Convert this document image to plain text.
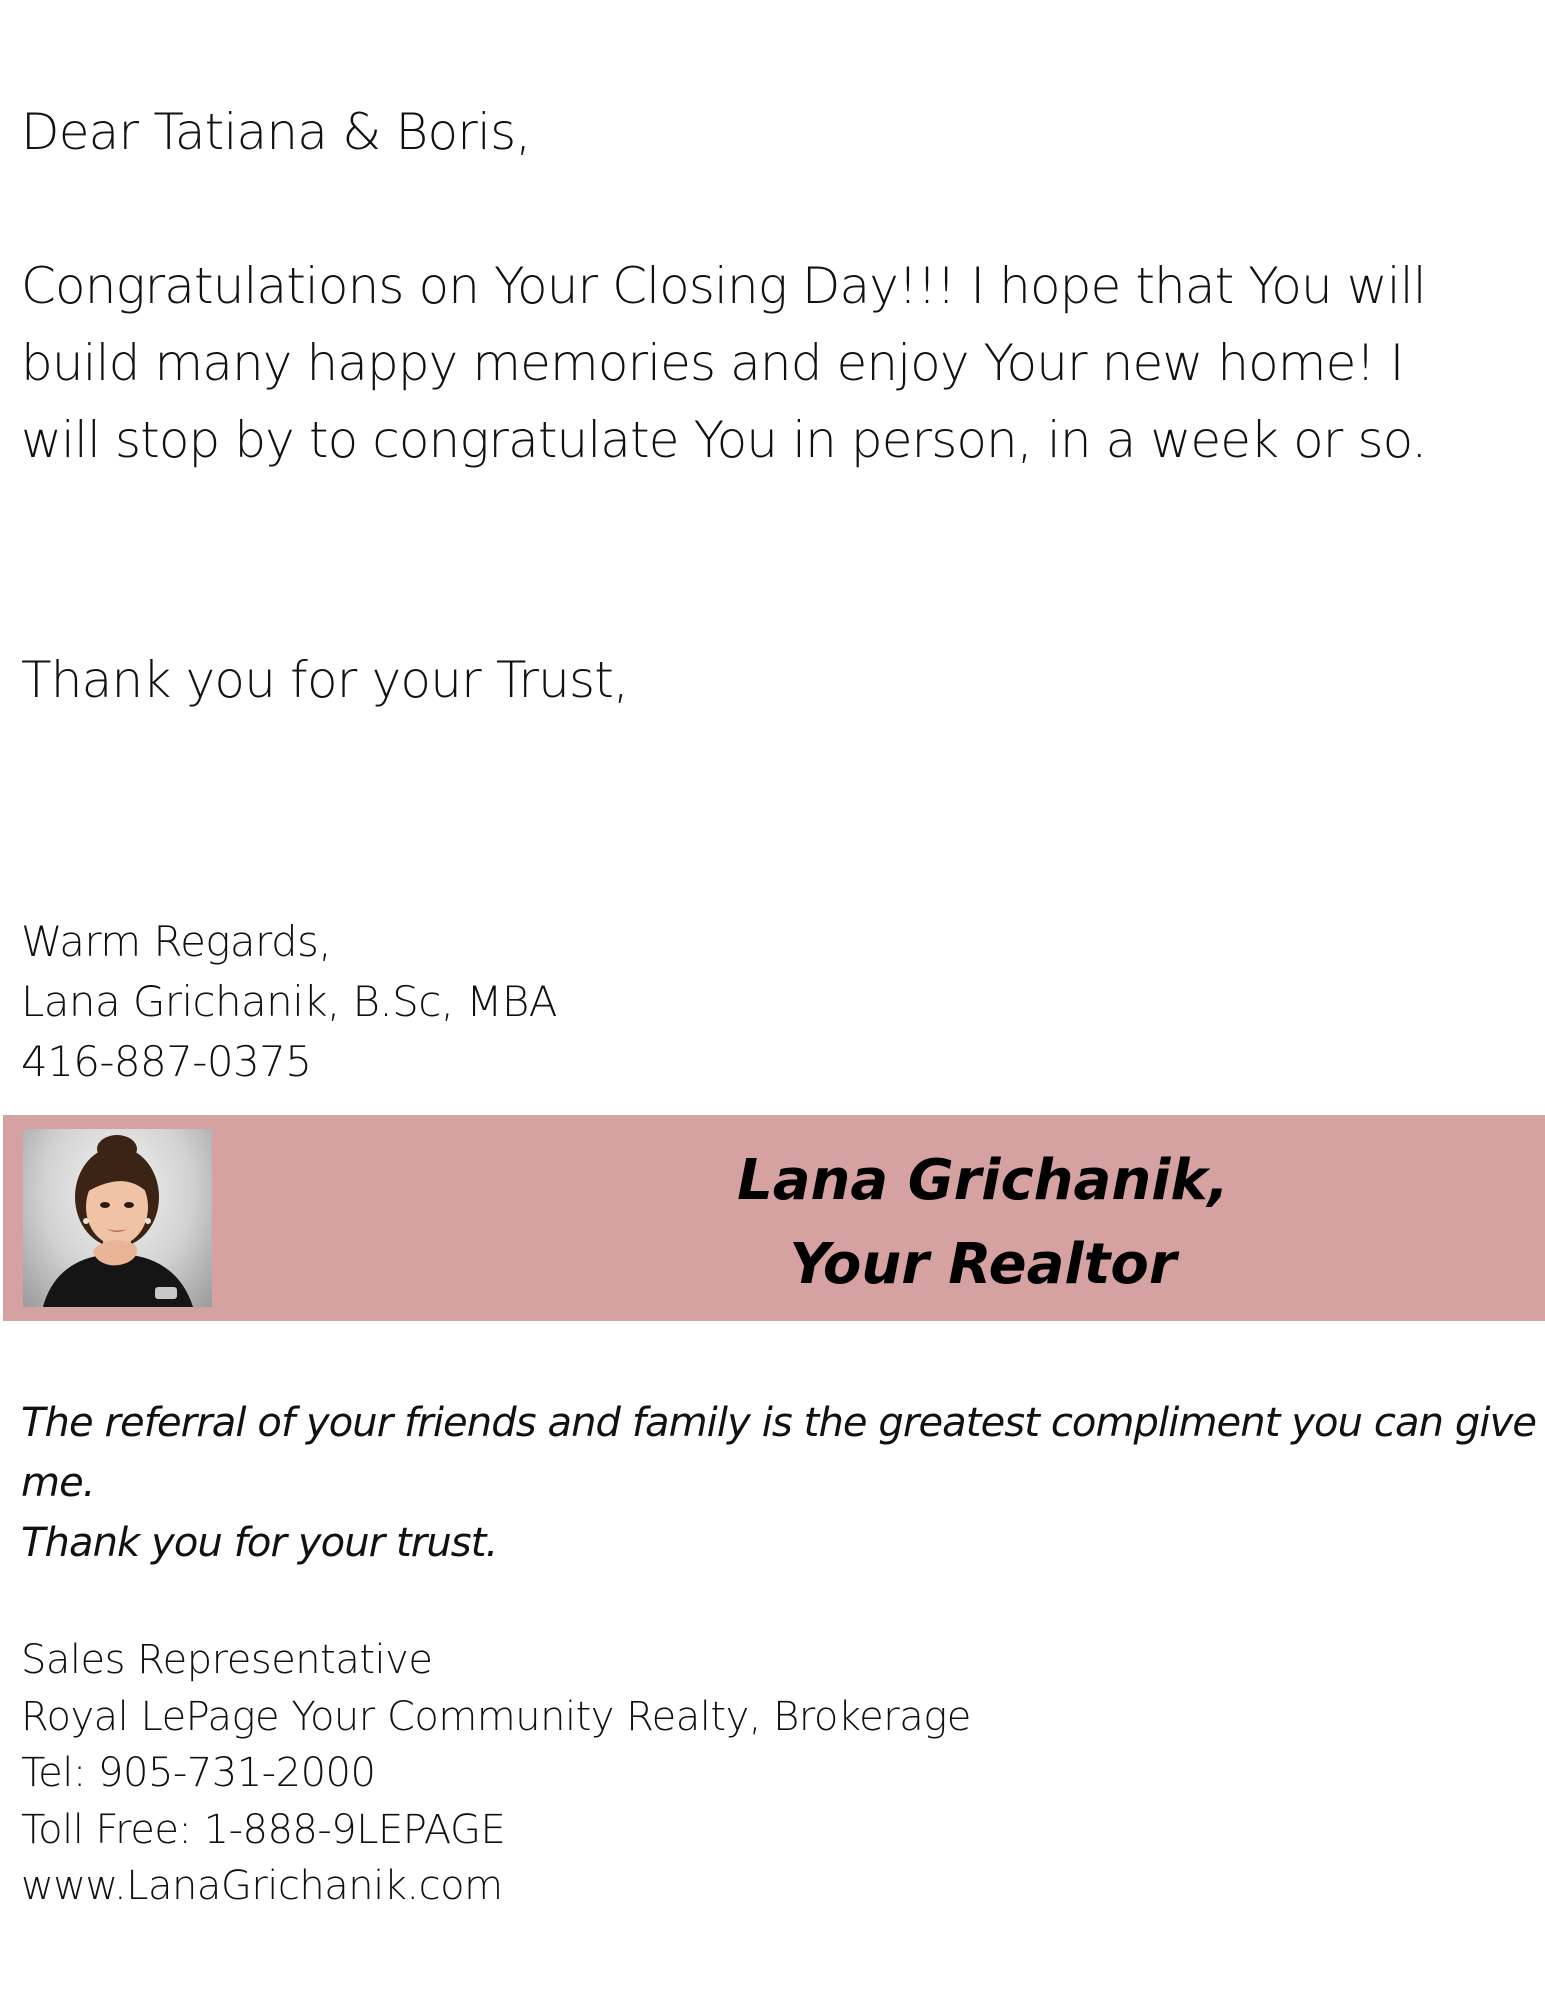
Dear Tatiana & Boris,

Congratulations on Your Closing Day!!! I hope that You will
build many happy memories and enjoy Your new home! I
will stop by to congratulate You in person, in a week or so.

Thank you for your Trust,

Warm Regards,
Lana Grichanik, B.Sc, MBA
416-887-0375

Lana Grichanik,
Your Realtor

The referral of your friends and family is the greatest compliment you can give
me.
Thank you for your trust.

Sales Representative
Royal LePage Your Community Realty, Brokerage
Tel: 905-731-2000
Toll Free: 1-888-9LEPAGE
www.LanaGrichanik.com
